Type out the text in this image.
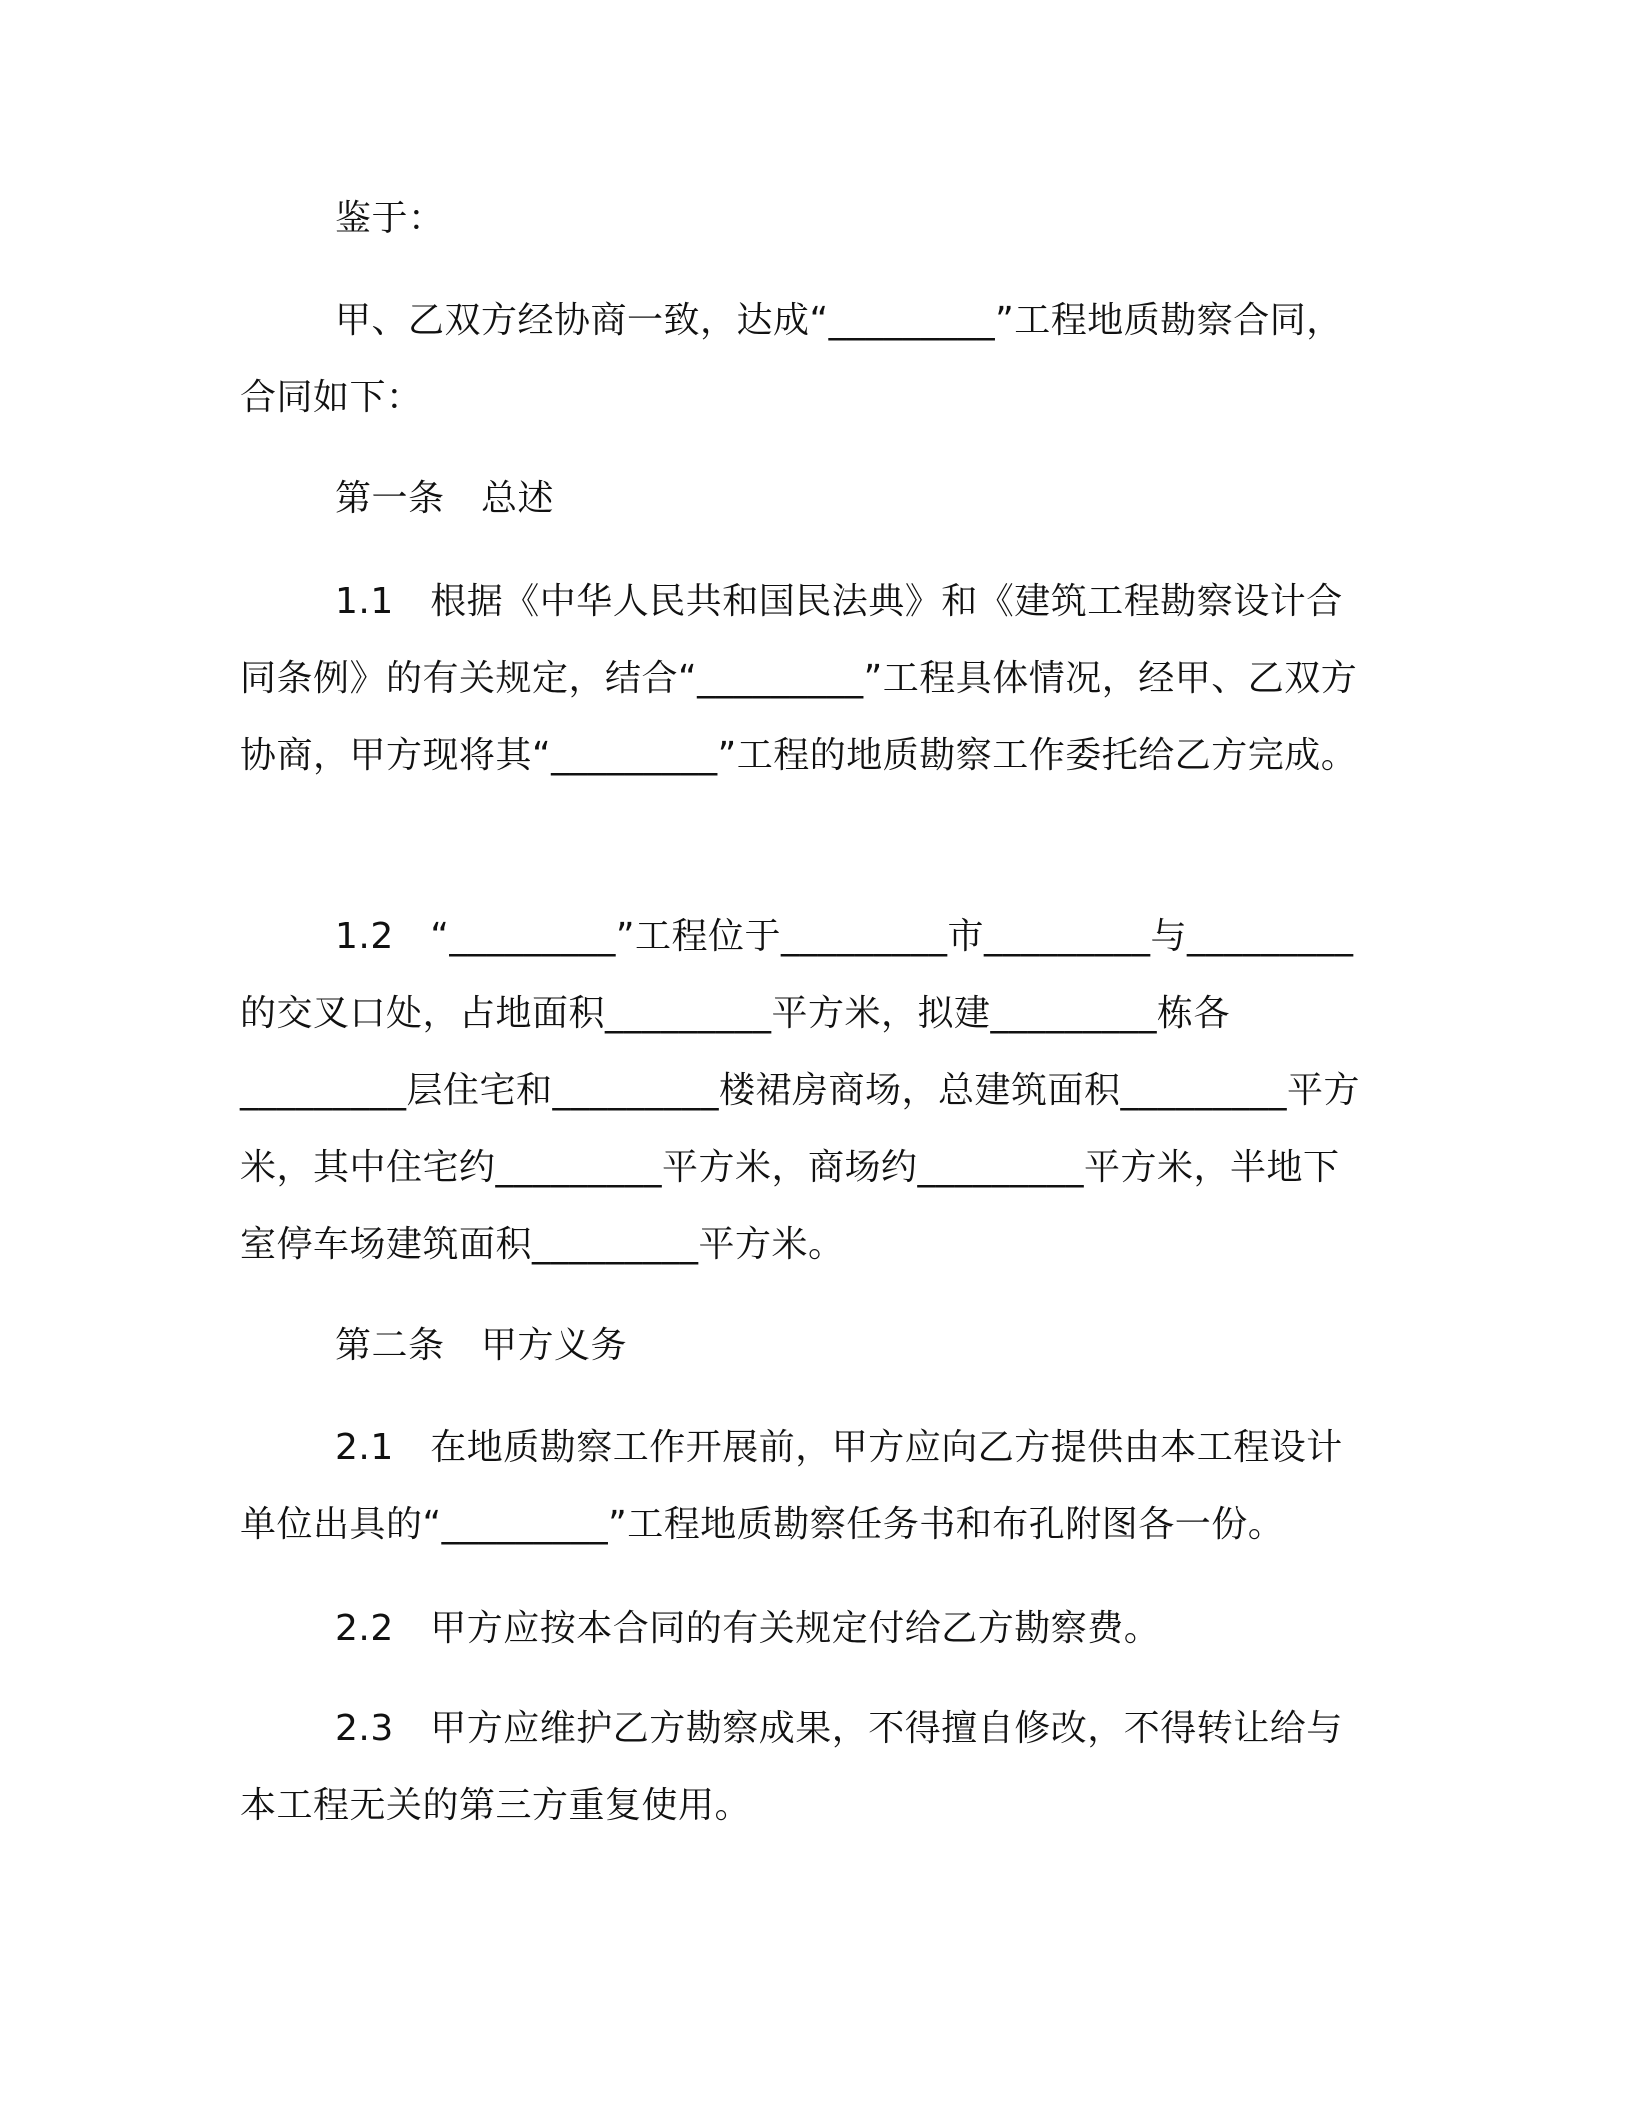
鉴于：
甲、乙双方经协商一致，达成“_________”工程地质勘察合同，合同如下：
第一条　总述
1.1　根据《中华人民共和国民法典》和《建筑工程勘察设计合同条例》的有关规定，结合“_________”工程具体情况，经甲、乙双方协商，甲方现将其“_________”工程的地质勘察工作委托给乙方完成。
1.2　“_________”工程位于_________市_________与_________的交叉口处，占地面积_________平方米，拟建_________栋各_________层住宅和_________楼裙房商场，总建筑面积_________平方米，其中住宅约_________平方米，商场约_________平方米，半地下室停车场建筑面积_________平方米。
第二条　甲方义务
2.1　在地质勘察工作开展前，甲方应向乙方提供由本工程设计单位出具的“_________”工程地质勘察任务书和布孔附图各一份。
2.2　甲方应按本合同的有关规定付给乙方勘察费。
2.3　甲方应维护乙方勘察成果，不得擅自修改，不得转让给与本工程无关的第三方重复使用。
